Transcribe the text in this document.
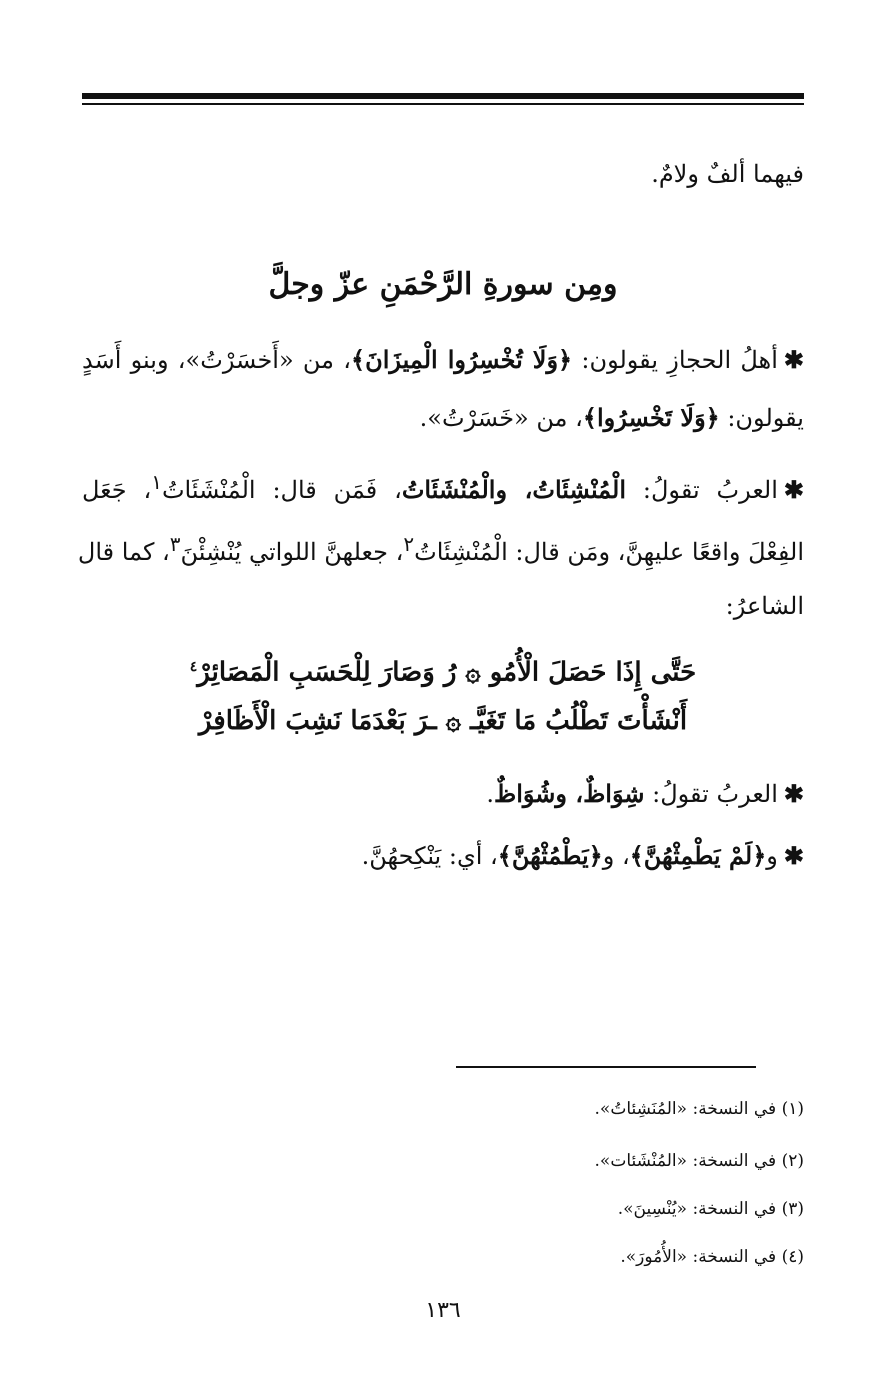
فيهما ألفٌ ولامٌ.
ومِن سورةِ الرَّحْمَنِ عزّ وجلَّ
✱أهلُ الحجازِ يقولون: ﴿وَلَا تُخْسِرُوا الْمِيزَانَ﴾، من «أَخسَرْتُ»، وبنو أَسَدٍ
يقولون: ﴿وَلَا تَخْسِرُوا﴾، من «خَسَرْتُ».
✱العربُ تقولُ: الْمُنْشِئَاتُ، والْمُنْشَئَاتُ، فَمَن قال: الْمُنْشَئَاتُ$^١$، جَعَل
الفِعْلَ واقعًا عليهِنَّ، ومَن قال: الْمُنْشِئَاتُ$^٢$، جعلهنَّ اللواتي يُنْشِئْنَ$^٣$، كما قال
الشاعرُ:
حَتَّى إِذَا حَصَلَ الْأُمُو ۞ رُ وَصَارَ لِلْحَسَبِ الْمَصَائِرْ$^٤$
أَنْشَأْتَ تَطْلُبُ مَا تَغَيَّـ ۞ ـرَ بَعْدَمَا نَشِبَ الْأَظَافِرْ
✱العربُ تقولُ: شِوَاظٌ، وشُوَاظٌ.
✱و﴿لَمْ يَطْمِثْهُنَّ﴾، و﴿يَطْمُثْهُنَّ﴾، أي: يَنْكِحهُنَّ.
(١) في النسخة: «المُنَشِئاتُ».
(٢) في النسخة: «المُنْشَئات».
(٣) في النسخة: «يُنْسِينَ».
(٤) في النسخة: «الأُمُورَ».
١٣٦
